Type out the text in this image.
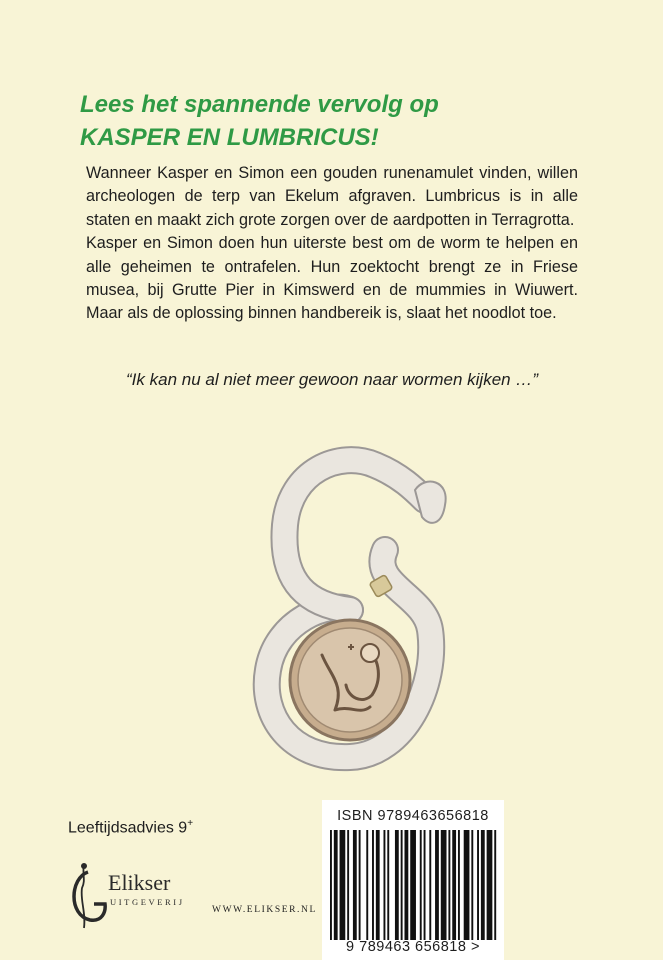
Lees het spannende vervolg op
KASPER EN LUMBRICUS!

Wanneer Kasper en Simon een gouden runenamulet vinden, willen archeologen de terp van Ekelum afgraven. Lumbricus is in alle staten en maakt zich grote zorgen over de aardpotten in Terragrotta.

Kasper en Simon doen hun uiterste best om de worm te helpen en alle geheimen te ontrafelen. Hun zoektocht brengt ze in Friese musea, bij Grutte Pier in Kimswerd en de mummies in Wiuwert. Maar als de oplossing binnen handbereik is, slaat het noodlot toe.

“Ik kan nu al niet meer gewoon naar wormen kijken …”
Leeftijdsadvies 9+
Elikser
UITGEVERIJ
WWW.ELIKSER.NL
ISBN 9789463656818
9 789463 656818 >
